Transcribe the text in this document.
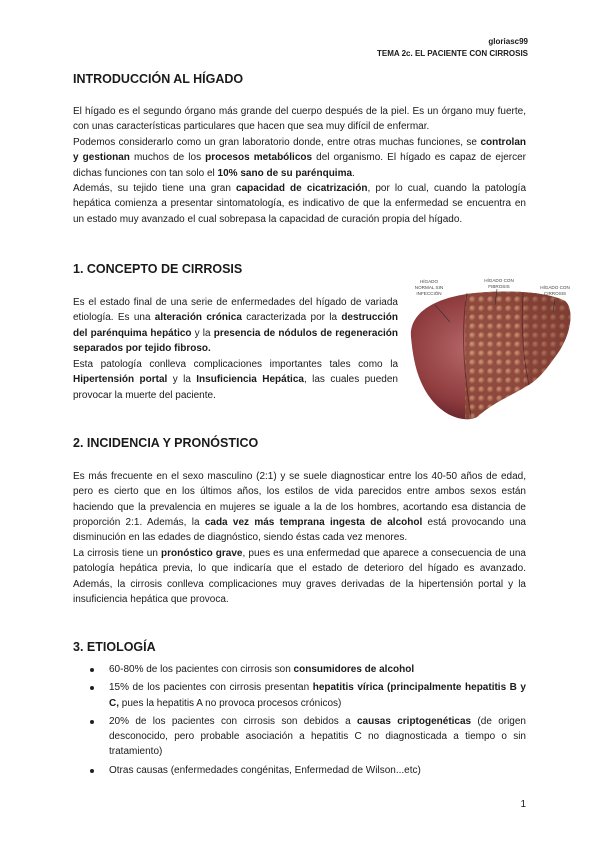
gloriasc99
TEMA 2c. EL PACIENTE CON CIRROSIS
INTRODUCCIÓN AL HÍGADO

El hígado es el segundo órgano más grande del cuerpo después de la piel. Es un órgano muy fuerte, con unas características particulares que hacen que sea muy difícil de enfermar.

Podemos considerarlo como un gran laboratorio donde, entre otras muchas funciones, se controlan y gestionan muchos de los procesos metabólicos del organismo. El hígado es capaz de ejercer dichas funciones con tan solo el 10% sano de su parénquima.

Además, su tejido tiene una gran capacidad de cicatrización, por lo cual, cuando la patología hepática comienza a presentar sintomatología, es indicativo de que la enfermedad se encuentra en un estado muy avanzado el cual sobrepasa la capacidad de curación propia del hígado.

1. CONCEPTO DE CIRROSIS

Es el estado final de una serie de enfermedades del hígado de variada etiología. Es una alteración crónica caracterizada por la destrucción del parénquima hepático y la presencia de nódulos de regeneración separados por tejido fibroso.

Esta patología conlleva complicaciones importantes tales como la Hipertensión portal y la Insuficiencia Hepática, las cuales pueden provocar la muerte del paciente.

HÍGADO
NORMAL SIN
INFECCIÓN
HÍGADO CON
FIBROSIS	HÍGADO CON
CIRROSIS
2. INCIDENCIA Y PRONÓSTICO

Es más frecuente en el sexo masculino (2:1) y se suele diagnosticar entre los 40-50 años de edad, pero es cierto que en los últimos años, los estilos de vida parecidos entre ambos sexos están haciendo que la prevalencia en mujeres se iguale a la de los hombres, acortando esa distancia de proporción 2:1. Además, la cada vez más temprana ingesta de alcohol está provocando una disminución en las edades de diagnóstico, siendo éstas cada vez menores.

La cirrosis tiene un pronóstico grave, pues es una enfermedad que aparece a consecuencia de una patología hepática previa, lo que indicaría que el estado de deterioro del hígado es avanzado. Además, la cirrosis conlleva complicaciones muy graves derivadas de la hipertensión portal y la insuficiencia hepática que provoca.

3. ETIOLOGÍA
60-80% de los pacientes con cirrosis son consumidores de alcohol
15% de los pacientes con cirrosis presentan hepatitis vírica (principalmente hepatitis B y C, pues la hepatitis A no provoca procesos crónicos)
20% de los pacientes con cirrosis son debidos a causas criptogenéticas (de origen desconocido, pero probable asociación a hepatitis C no diagnosticada a tiempo o sin tratamiento)
Otras causas (enfermedades congénitas, Enfermedad de Wilson...etc)
1
